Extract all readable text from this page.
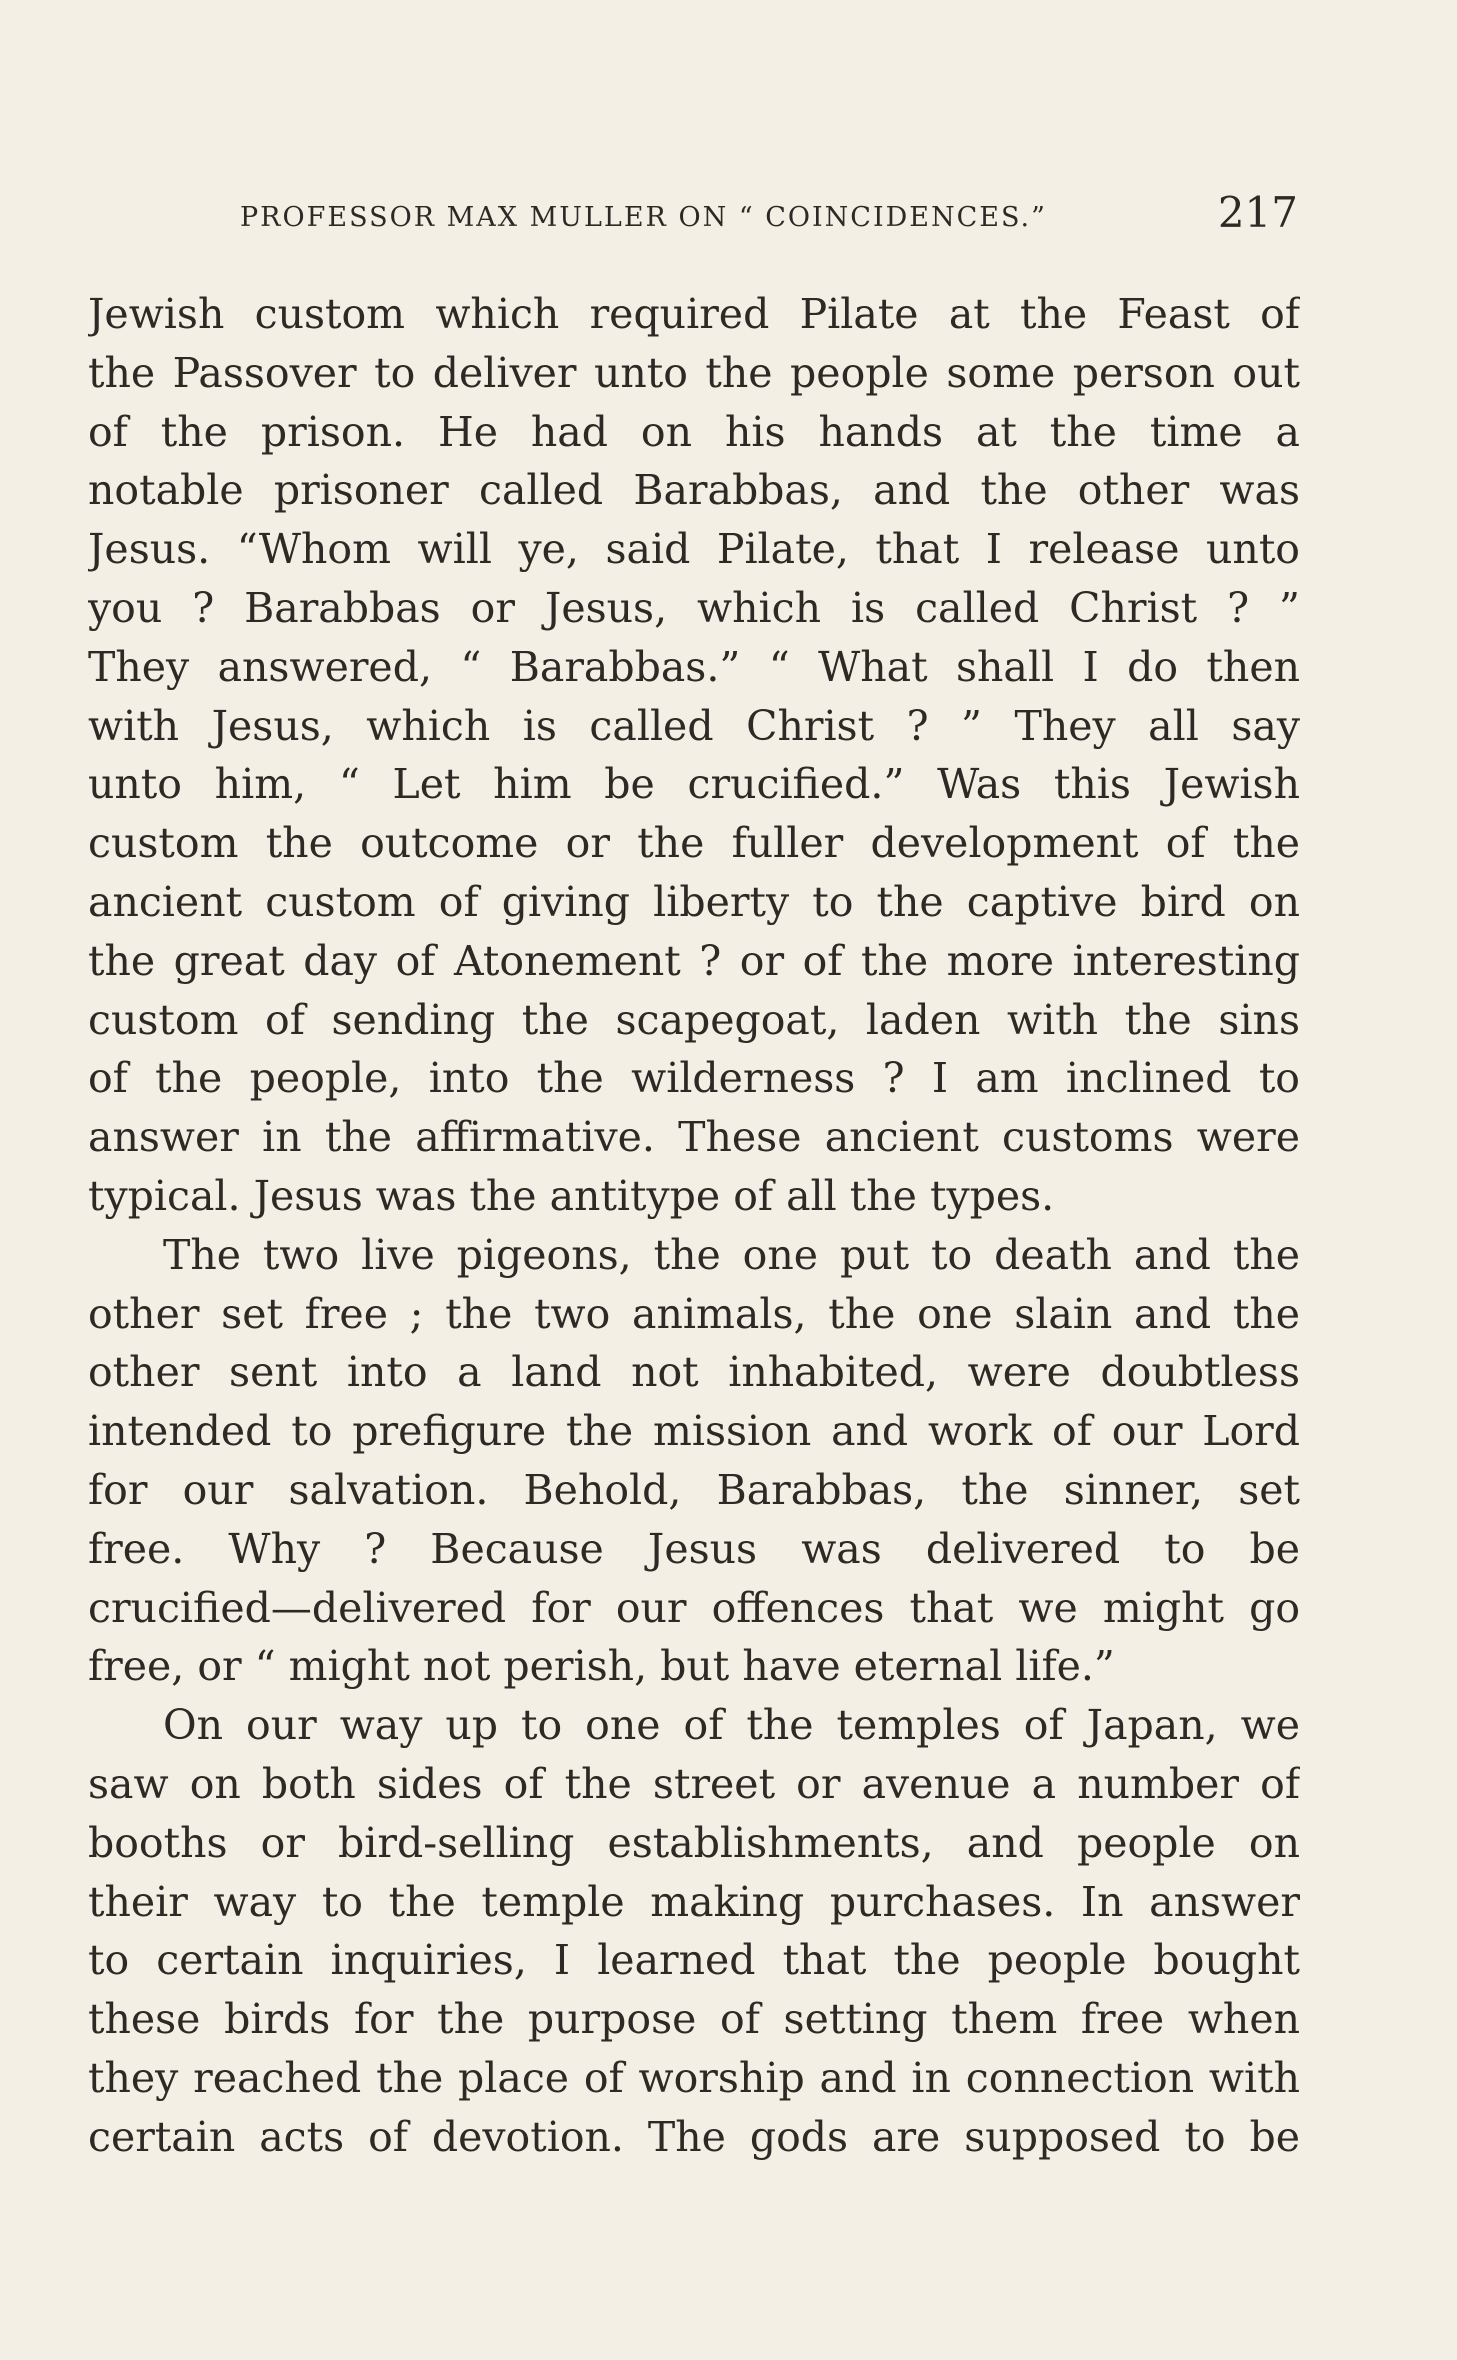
PROFESSOR MAX MULLER ON “ COINCIDENCES.”	217
Jewish custom which required Pilate at the Feast of
the Passover to deliver unto the people some person out
of the prison. He had on his hands at the time a
notable prisoner called Barabbas, and the other was
Jesus. “Whom will ye, said Pilate, that I release unto
you ? Barabbas or Jesus, which is called Christ ? ”
They answered, “ Barabbas.” “ What shall I do then
with Jesus, which is called Christ ? ” They all say
unto him, “ Let him be crucified.” Was this Jewish
custom the outcome or the fuller development of the
ancient custom of giving liberty to the captive bird on
the great day of Atonement ? or of the more interesting
custom of sending the scapegoat, laden with the sins
of the people, into the wilderness ? I am inclined to
answer in the affirmative. These ancient customs were
typical. Jesus was the antitype of all the types.
The two live pigeons, the one put to death and the
other set free ; the two animals, the one slain and the
other sent into a land not inhabited, were doubtless
intended to prefigure the mission and work of our Lord
for our salvation. Behold, Barabbas, the sinner, set
free. Why ? Because Jesus was delivered to be
crucified—delivered for our offences that we might go
free, or “ might not perish, but have eternal life.”
On our way up to one of the temples of Japan, we
saw on both sides of the street or avenue a number of
booths or bird-selling establishments, and people on
their way to the temple making purchases. In answer
to certain inquiries, I learned that the people bought
these birds for the purpose of setting them free when
they reached the place of worship and in connection with
certain acts of devotion. The gods are supposed to be
